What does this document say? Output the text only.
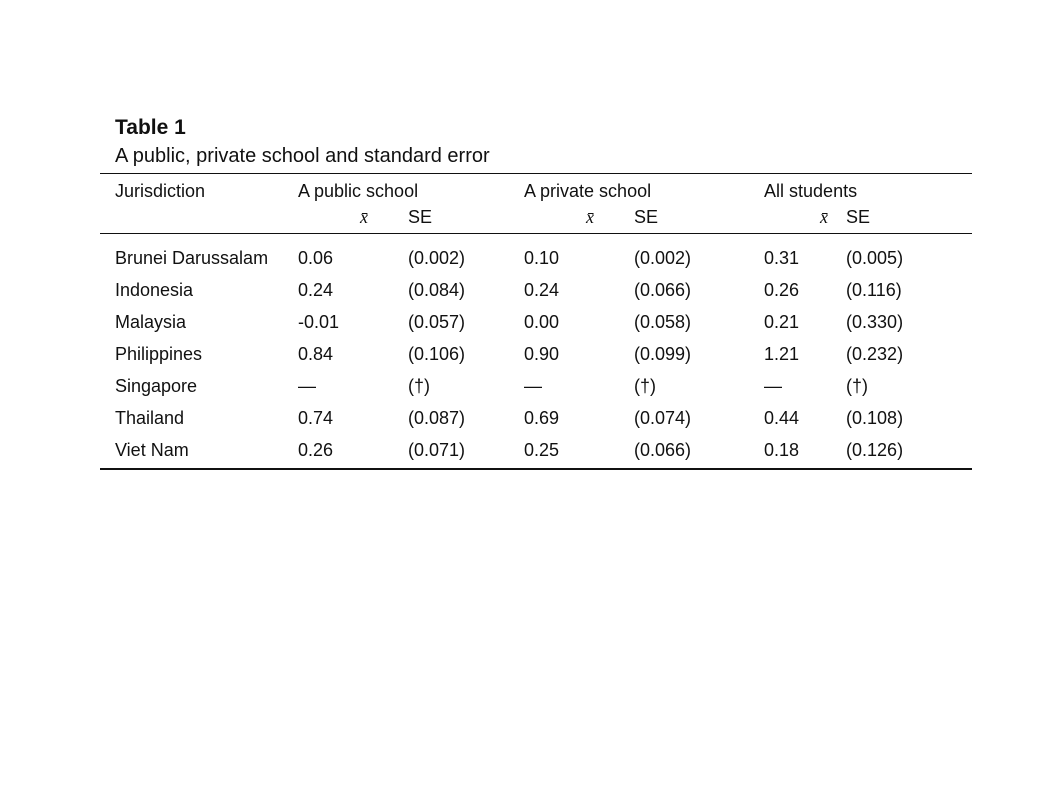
Table 1
A public, private school and standard error
Jurisdiction	A public school		A private school		All students	
	x̄	SE	x̄	SE	x̄	SE
Brunei Darussalam	0.06	(0.002)	0.10	(0.002)	0.31	(0.005)
Indonesia	0.24	(0.084)	0.24	(0.066)	0.26	(0.116)
Malaysia	-0.01	(0.057)	0.00	(0.058)	0.21	(0.330)
Philippines	0.84	(0.106)	0.90	(0.099)	1.21	(0.232)
Singapore	—	(†)	—	(†)	—	(†)
Thailand	0.74	(0.087)	0.69	(0.074)	0.44	(0.108)
Viet Nam	0.26	(0.071)	0.25	(0.066)	0.18	(0.126)
